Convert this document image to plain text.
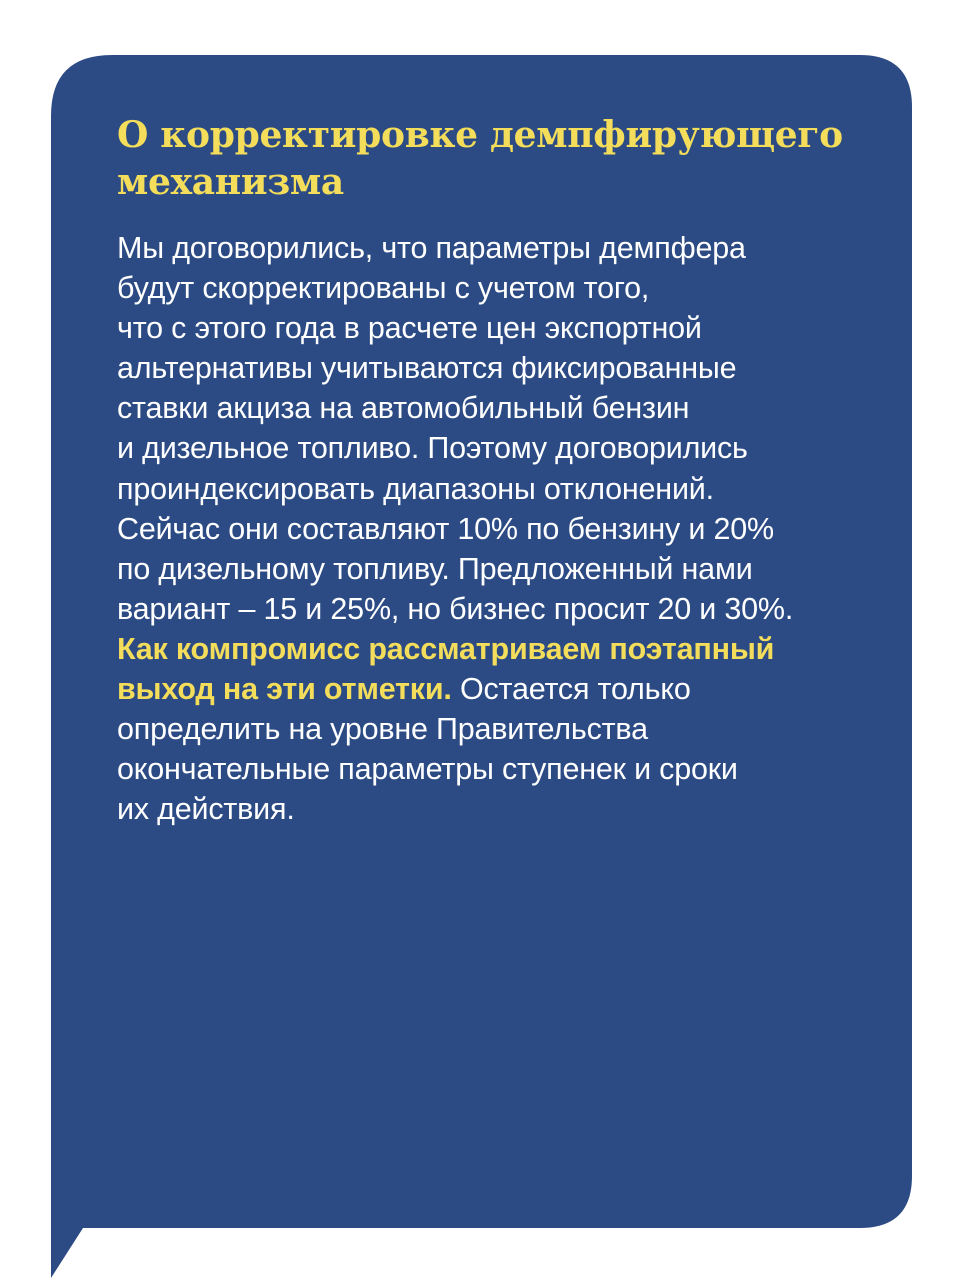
О корректировке демпфирующего
механизма

Мы договорились, что параметры демпфера
будут скорректированы с учетом того,
что с этого года в расчете цен экспортной
альтернативы учитываются фиксированные
ставки акциза на автомобильный бензин
и дизельное топливо. Поэтому договорились
проиндексировать диапазоны отклонений.
Сейчас они составляют 10% по бензину и 20%
по дизельному топливу. Предложенный нами
вариант – 15 и 25%, но бизнес просит 20 и 30%.
Как компромисс рассматриваем поэтапный
выход на эти отметки. Остается только
определить на уровне Правительства
окончательные параметры ступенек и сроки
их действия.
